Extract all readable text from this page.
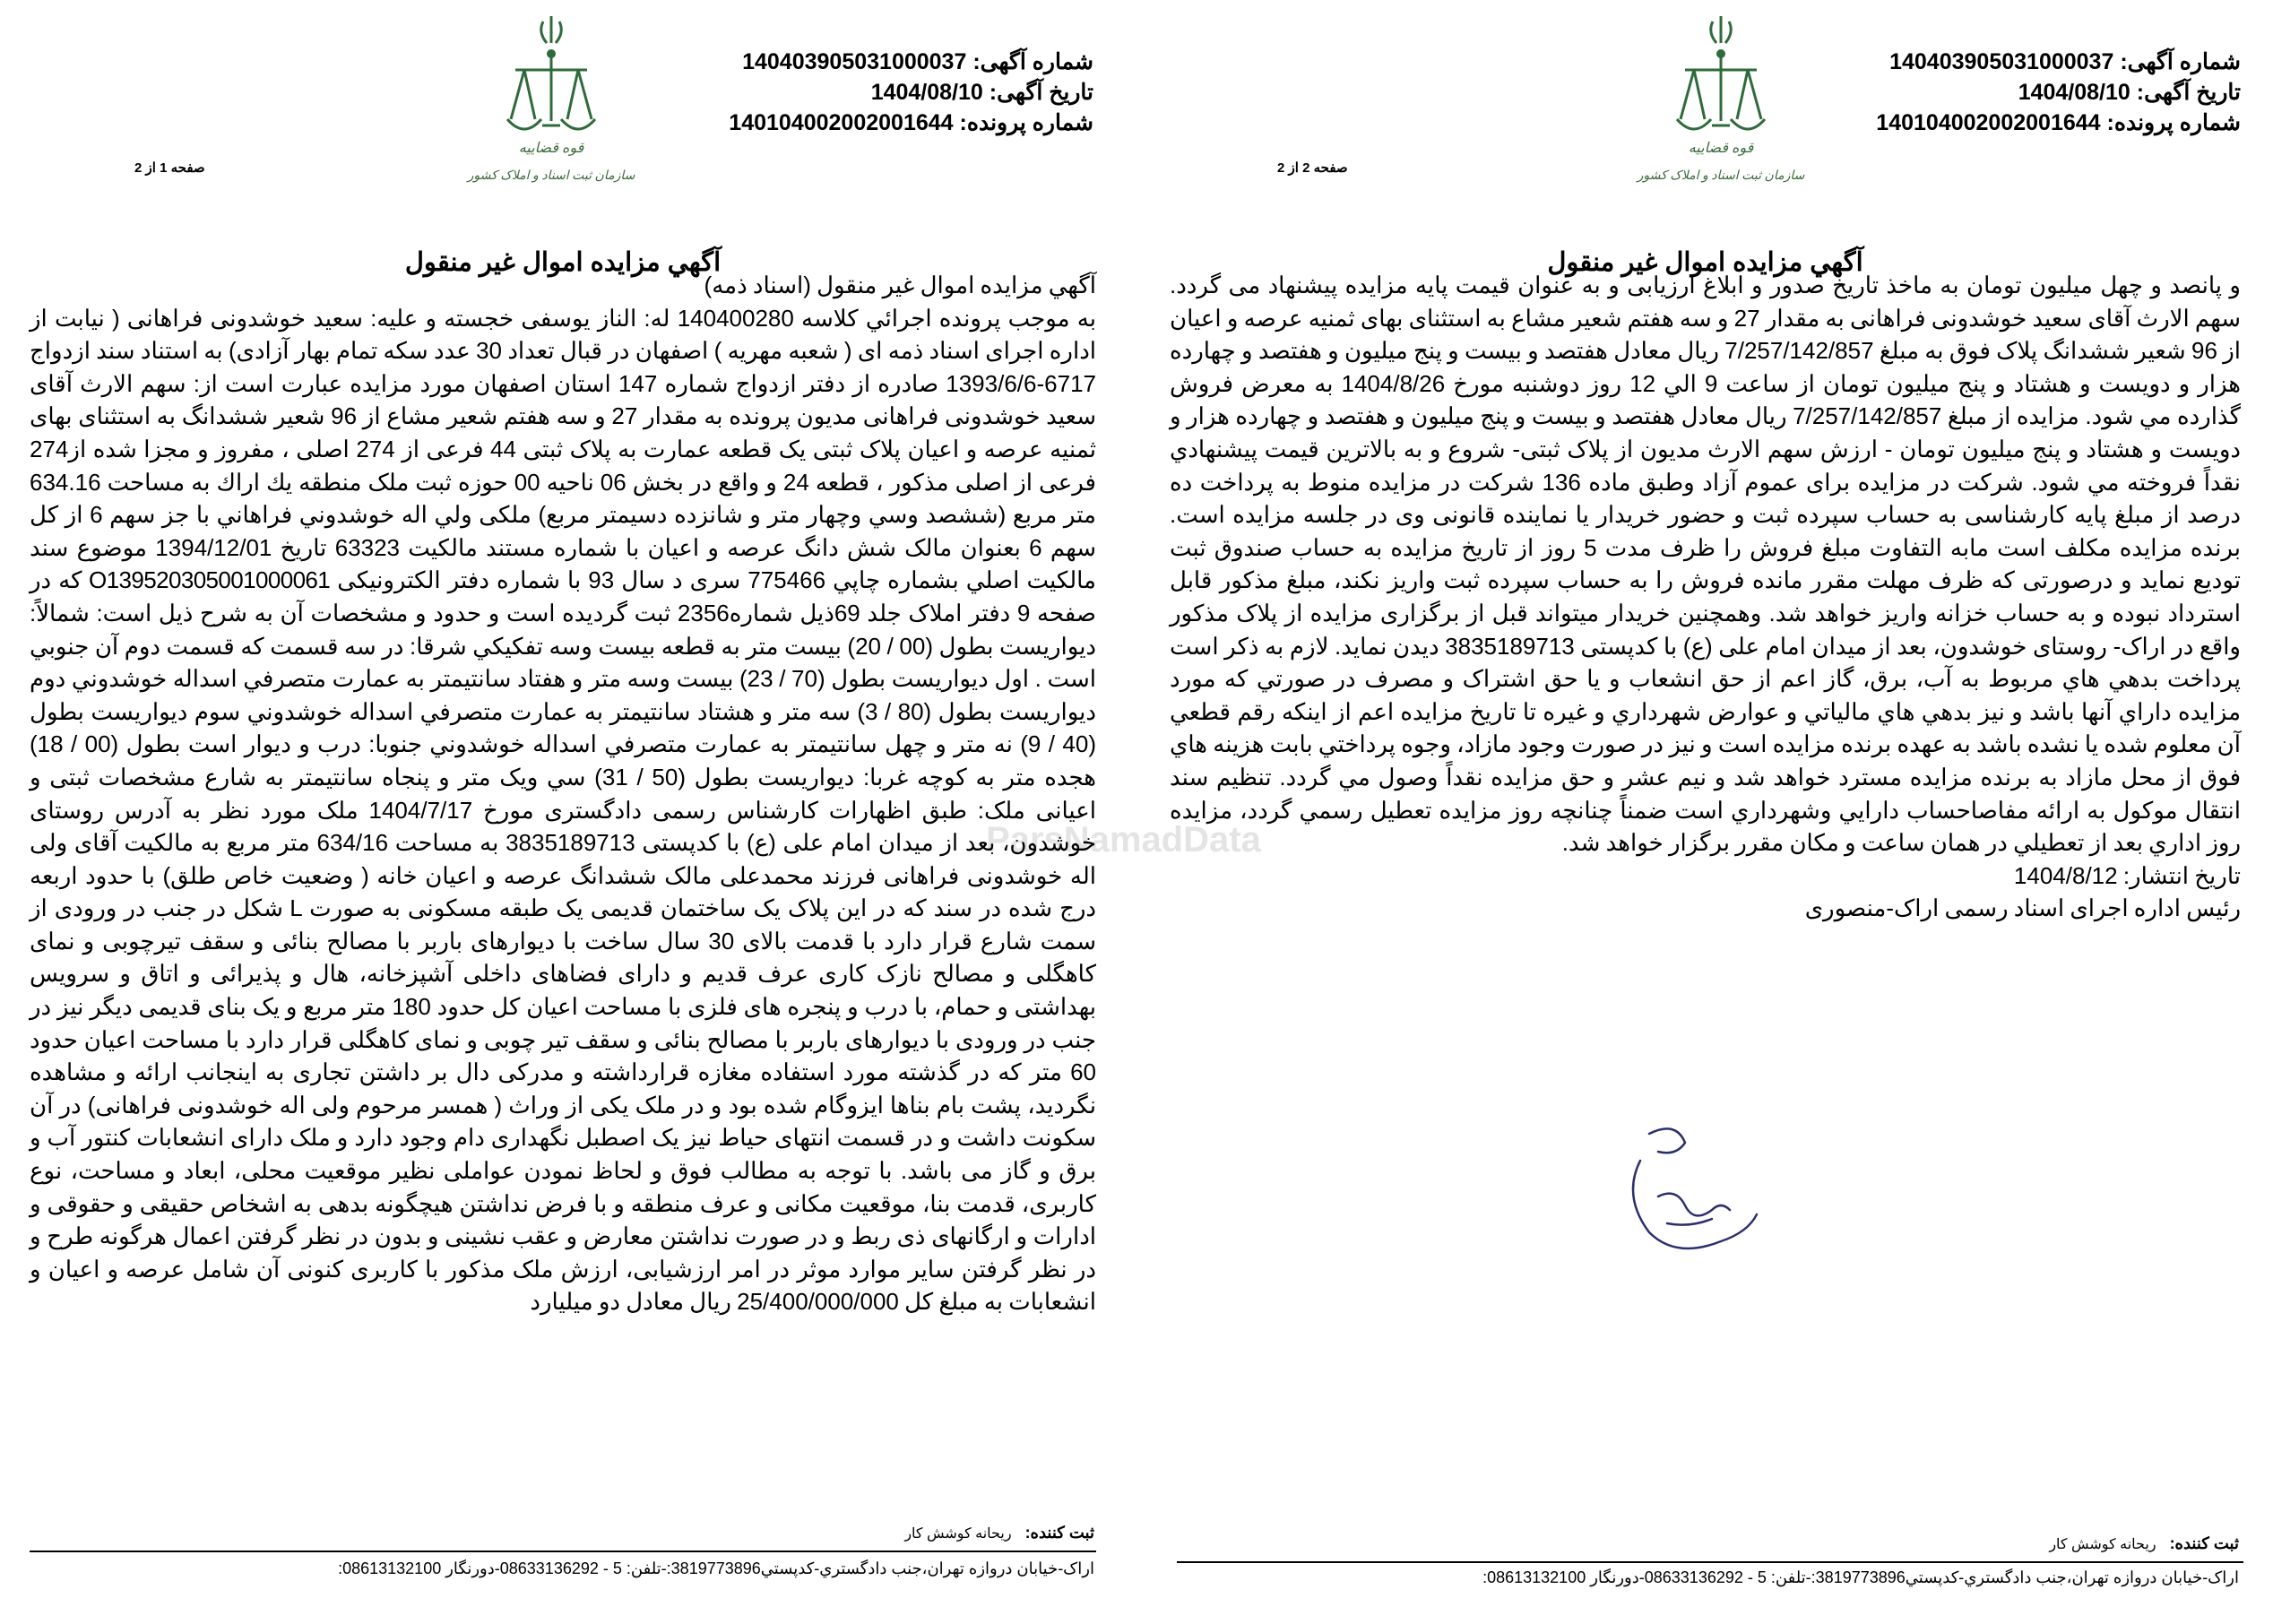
شماره آگهی: 140403905031000037
تاريخ آگهی: 1404/08/10
شماره پرونده: 140104002002001644
قوه قضاييه
سازمان ثبت اسناد و املاک کشور
صفحه 2 از 2
آگهي مزايده اموال غير منقول

و پانصد و چهل ميليون تومان به ماخذ تاريخ صدور و ابلاغ ارزيابی و به عنوان قيمت پايه مزايده پيشنهاد می گردد. سهم الارث آقای سعيد خوشدونی فراهانی به مقدار 27 و سه هفتم شعير مشاع به استثنای بهای ثمنيه عرصه و اعيان از 96 شعير ششدانگ پلاک فوق به مبلغ 7/257/142/857 ريال معادل هفتصد و بيست و پنج ميليون و هفتصد و چهارده هزار و دويست و هشتاد و پنج ميليون تومان از ساعت 9 الي 12 روز دوشنبه مورخ 1404/8/26 به معرض فروش گذارده مي شود. مزايده از مبلغ 7/257/142/857 ريال معادل هفتصد و بيست و پنج ميليون و هفتصد و چهارده هزار و دويست و هشتاد و پنج ميليون تومان - ارزش سهم الارث مديون از پلاک ثبتی- شروع و به بالاترين قيمت پيشنهادي نقداً فروخته مي شود. شركت در مزايده برای عموم آزاد وطبق ماده 136 شرکت در مزايده منوط به پرداخت ده درصد از مبلغ پايه کارشناسی به حساب سپرده ثبت و حضور خريدار يا نماينده قانونی وی در جلسه مزايده است. برنده مزايده مکلف است مابه التفاوت مبلغ فروش را ظرف مدت 5 روز از تاريخ مزايده به حساب صندوق ثبت توديع نمايد و درصورتی که ظرف مهلت مقرر مانده فروش را به حساب سپرده ثبت واريز نکند، مبلغ مذکور قابل استرداد نبوده و به حساب خزانه واريز خواهد شد. وهمچنين خريدار ميتواند قبل از برگزاری مزايده از پلاک مذکور واقع در اراک- روستای خوشدون، بعد از ميدان امام علی (ع) با کدپستی 3835189713 ديدن نمايد. لازم به ذکر است پرداخت بدهي هاي مربوط به آب، برق، گاز اعم از حق انشعاب و يا حق اشتراک و مصرف در صورتي که مورد مزايده داراي آنها باشد و نيز بدهي هاي مالياتي و عوارض شهرداري و غيره تا تاريخ مزايده اعم از اينکه رقم قطعي آن معلوم شده يا نشده باشد به عهده برنده مزايده است و نيز در صورت وجود مازاد، وجوه پرداختي بابت هزينه هاي فوق از محل مازاد به برنده مزايده مسترد خواهد شد و نيم عشر و حق مزايده نقداً وصول مي گردد. تنظيم سند انتقال موکول به ارائه مفاصاحساب دارايي وشهرداري است ضمناً چنانچه روز مزايده تعطيل رسمي گردد، مزايده روز اداري بعد از تعطيلي در همان ساعت و مکان مقرر برگزار خواهد شد.

تاريخ انتشار: 1404/8/12

رئيس اداره اجرای اسناد رسمی اراک-منصوری

ParsNamadData
ثبت کننده:   ريحانه کوشش کار
اراک-خيابان دروازه تهران،جنب دادگستري-کدپستي3819773896:-تلفن: 5 - 08633136292-دورنگار 08613132100:
شماره آگهی: 140403905031000037
تاريخ آگهی: 1404/08/10
شماره پرونده: 140104002002001644
قوه قضاييه
سازمان ثبت اسناد و املاک کشور
صفحه 1 از 2
آگهي مزايده اموال غير منقول

آگهي مزايده اموال غير منقول (اسناد ذمه)

به موجب پرونده اجرائي کلاسه 140400280 له: الناز يوسفی خجسته و عليه: سعيد خوشدونی فراهانی ( نيابت از اداره اجرای اسناد ذمه ای ( شعبه مهريه ) اصفهان در قبال تعداد 30 عدد سکه تمام بهار آزادی) به استناد سند ازدواج 6717-1393/6/6 صادره از دفتر ازدواج شماره 147 استان اصفهان مورد مزايده عبارت است از: سهم الارث آقای سعيد خوشدونی فراهانی مديون پرونده به مقدار 27 و سه هفتم شعير مشاع از 96 شعير ششدانگ به استثنای بهای ثمنيه عرصه و اعيان پلاک ثبتی يک قطعه عمارت به پلاک ثبتی 44 فرعی از 274 اصلی ، مفروز و مجزا شده از274 فرعی از اصلی مذکور ، قطعه 24 و واقع در بخش 06 ناحيه 00 حوزه ثبت ملک منطقه يك اراك به مساحت 634.16 متر مربع (ششصد وسي وچهار متر و شانزده دسيمتر مربع) ملکی ولي اله خوشدوني فراهاني با جز سهم 6 از کل سهم 6 بعنوان مالک شش دانگ عرصه و اعيان با شماره مستند مالکيت 63323 تاريخ 1394/12/01 موضوع سند مالکيت اصلي بشماره چاپي 775466 سری د سال 93 با شماره دفتر الکترونيکی O139520305001000061 که در صفحه 9 دفتر املاک جلد 69ذيل شماره2356 ثبت گرديده است و حدود و مشخصات آن به شرح ذيل است: شمالاً: ديواريست بطول (00 / 20) بيست متر به قطعه بيست وسه تفکيکي شرقا: در سه قسمت که قسمت دوم آن جنوبي است . اول ديواريست بطول (70 / 23) بيست وسه متر و هفتاد سانتيمتر به عمارت متصرفي اسداله خوشدوني دوم ديواريست بطول (80 / 3) سه متر و هشتاد سانتيمتر به عمارت متصرفي اسداله خوشدوني سوم ديواريست بطول (40 / 9) نه متر و چهل سانتيمتر به عمارت متصرفي اسداله خوشدوني جنوبا: درب و ديوار است بطول (00 / 18) هجده متر به کوچه غربا: ديواريست بطول (50 / 31) سي ويک متر و پنجاه سانتيمتر به شارع مشخصات ثبتی و اعيانی ملک: طبق اظهارات کارشناس رسمی دادگستری مورخ 1404/7/17 ملک مورد نظر به آدرس روستای خوشدون، بعد از ميدان امام علی (ع) با کدپستی 3835189713 به مساحت 634/16 متر مربع به مالکيت آقای ولی اله خوشدونی فراهانی فرزند محمدعلی مالک ششدانگ عرصه و اعيان خانه ( وضعيت خاص طلق) با حدود اربعه درج شده در سند که در اين پلاک يک ساختمان قديمی يک طبقه مسکونی به صورت L شکل در جنب در ورودی از سمت شارع قرار دارد با قدمت بالای 30 سال ساخت با ديوارهای باربر با مصالح بنائی و سقف تيرچوبی و نمای کاهگلی و مصالح نازک کاری عرف قديم و دارای فضاهای داخلی آشپزخانه، هال و پذيرائی و اتاق و سرويس بهداشتی و حمام، با درب و پنجره های فلزی با مساحت اعيان کل حدود 180 متر مربع و يک بنای قديمی ديگر نيز در جنب در ورودی با ديوارهای باربر با مصالح بنائی و سقف تير چوبی و نمای کاهگلی قرار دارد با مساحت اعيان حدود 60 متر که در گذشته مورد استفاده مغازه قرارداشته و مدرکی دال بر داشتن تجاری به اينجانب ارائه و مشاهده نگرديد، پشت بام بناها ايزوگام شده بود و در ملک يکی از وراث ( همسر مرحوم ولی اله خوشدونی فراهانی) در آن سکونت داشت و در قسمت انتهای حياط نيز يک اصطبل نگهداری دام وجود دارد و ملک دارای انشعابات کنتور آب و برق و گاز می باشد. با توجه به مطالب فوق و لحاظ نمودن عواملی نظير موقعيت محلی، ابعاد و مساحت، نوع کاربری، قدمت بنا، موقعيت مکانی و عرف منطقه و با فرض نداشتن هيچگونه بدهی به اشخاص حقيقی و حقوقی و ادارات و ارگانهای ذی ربط و در صورت نداشتن معارض و عقب نشينی و بدون در نظر گرفتن اعمال هرگونه طرح و در نظر گرفتن ساير موارد موثر در امر ارزشيابی، ارزش ملک مذکور با کاربری کنونی آن شامل عرصه و اعيان و انشعابات به مبلغ کل 25/400/000/000 ريال معادل دو ميليارد

ثبت کننده:   ريحانه کوشش کار
اراک-خيابان دروازه تهران،جنب دادگستري-کدپستي3819773896:-تلفن: 5 - 08633136292-دورنگار 08613132100:
